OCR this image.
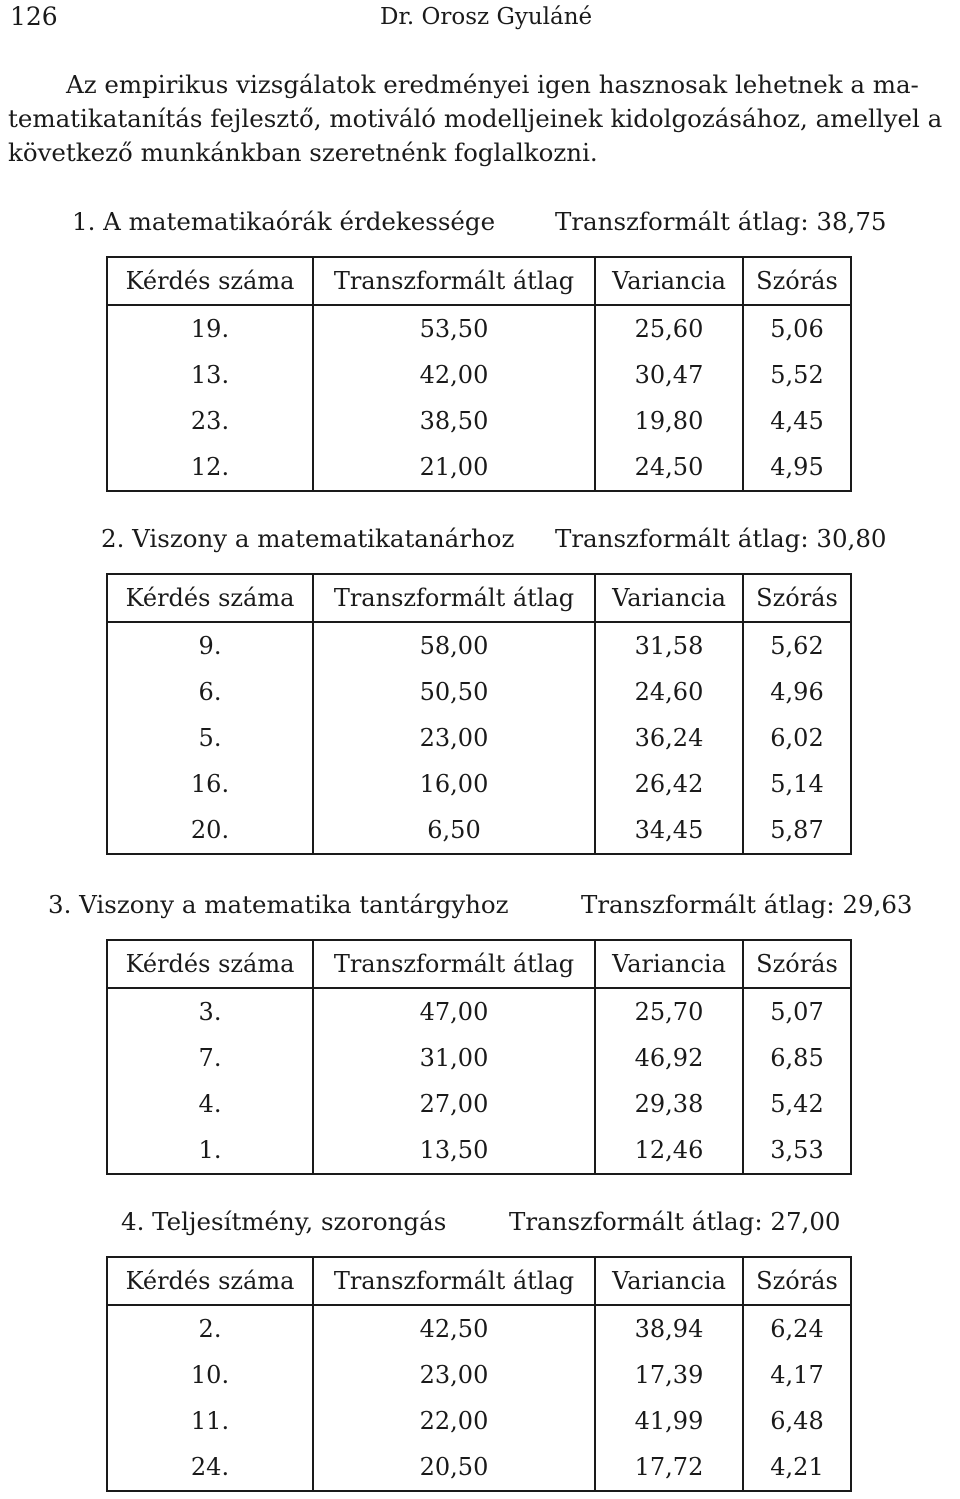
126	Dr. Orosz Gyuláné
Az empirikus vizsgálatok eredményei igen hasznosak lehetnek a ma-
tematikatanítás fejlesztő, motiváló modelljeinek kidolgozásához, amellyel a
következő munkánkban szeretnénk foglalkozni.
1. A matematikaórák érdekessége Transzformált átlag: 38,75
Kérdés száma	Transzformált átlag	Variancia	Szórás
19.	53,50	25,60	5,06
13.	42,00	30,47	5,52
23.	38,50	19,80	4,45
12.	21,00	24,50	4,95
2. Viszony a matematikatanárhoz Transzformált átlag: 30,80
Kérdés száma	Transzformált átlag	Variancia	Szórás
9.	58,00	31,58	5,62
6.	50,50	24,60	4,96
5.	23,00	36,24	6,02
16.	16,00	26,42	5,14
20.	6,50	34,45	5,87
3. Viszony a matematika tantárgyhoz	Transzformált átlag: 29,63
Kérdés száma	Transzformált átlag	Variancia	Szórás
3.	47,00	25,70	5,07
7.	31,00	46,92	6,85
4.	27,00	29,38	5,42
1.	13,50	12,46	3,53
4. Teljesítmény, szorongás	Transzformált átlag: 27,00
Kérdés száma	Transzformált átlag	Variancia	Szórás
2.	42,50	38,94	6,24
10.	23,00	17,39	4,17
11.	22,00	41,99	6,48
24.	20,50	17,72	4,21
